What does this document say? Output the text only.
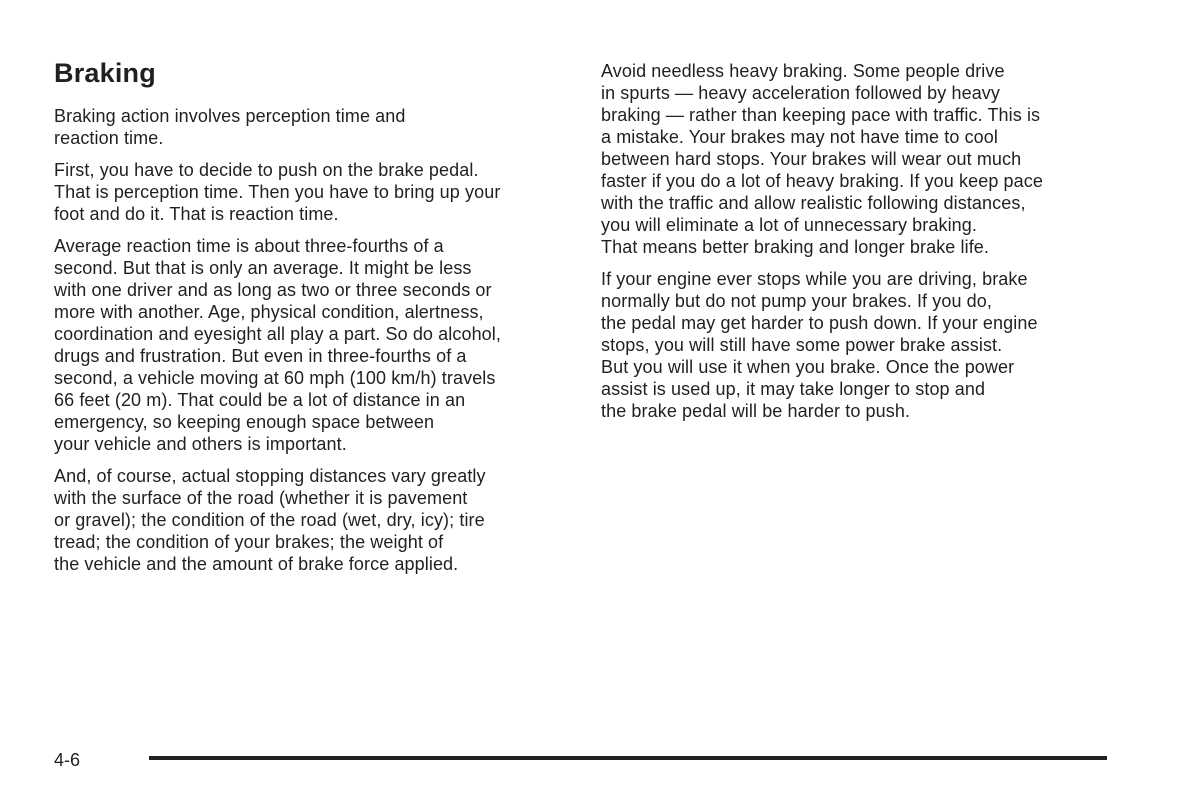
Braking

Braking action involves perception time and
reaction time.

First, you have to decide to push on the brake pedal.
That is perception time. Then you have to bring up your
foot and do it. That is reaction time.

Average reaction time is about three-fourths of a
second. But that is only an average. It might be less
with one driver and as long as two or three seconds or
more with another. Age, physical condition, alertness,
coordination and eyesight all play a part. So do alcohol,
drugs and frustration. But even in three-fourths of a
second, a vehicle moving at 60 mph (100 km/h) travels
66 feet (20 m). That could be a lot of distance in an
emergency, so keeping enough space between
your vehicle and others is important.

And, of course, actual stopping distances vary greatly
with the surface of the road (whether it is pavement
or gravel); the condition of the road (wet, dry, icy); tire
tread; the condition of your brakes; the weight of
the vehicle and the amount of brake force applied.

Avoid needless heavy braking. Some people drive
in spurts — heavy acceleration followed by heavy
braking — rather than keeping pace with traffic. This is
a mistake. Your brakes may not have time to cool
between hard stops. Your brakes will wear out much
faster if you do a lot of heavy braking. If you keep pace
with the traffic and allow realistic following distances,
you will eliminate a lot of unnecessary braking.
That means better braking and longer brake life.

If your engine ever stops while you are driving, brake
normally but do not pump your brakes. If you do,
the pedal may get harder to push down. If your engine
stops, you will still have some power brake assist.
But you will use it when you brake. Once the power
assist is used up, it may take longer to stop and
the brake pedal will be harder to push.

4-6
